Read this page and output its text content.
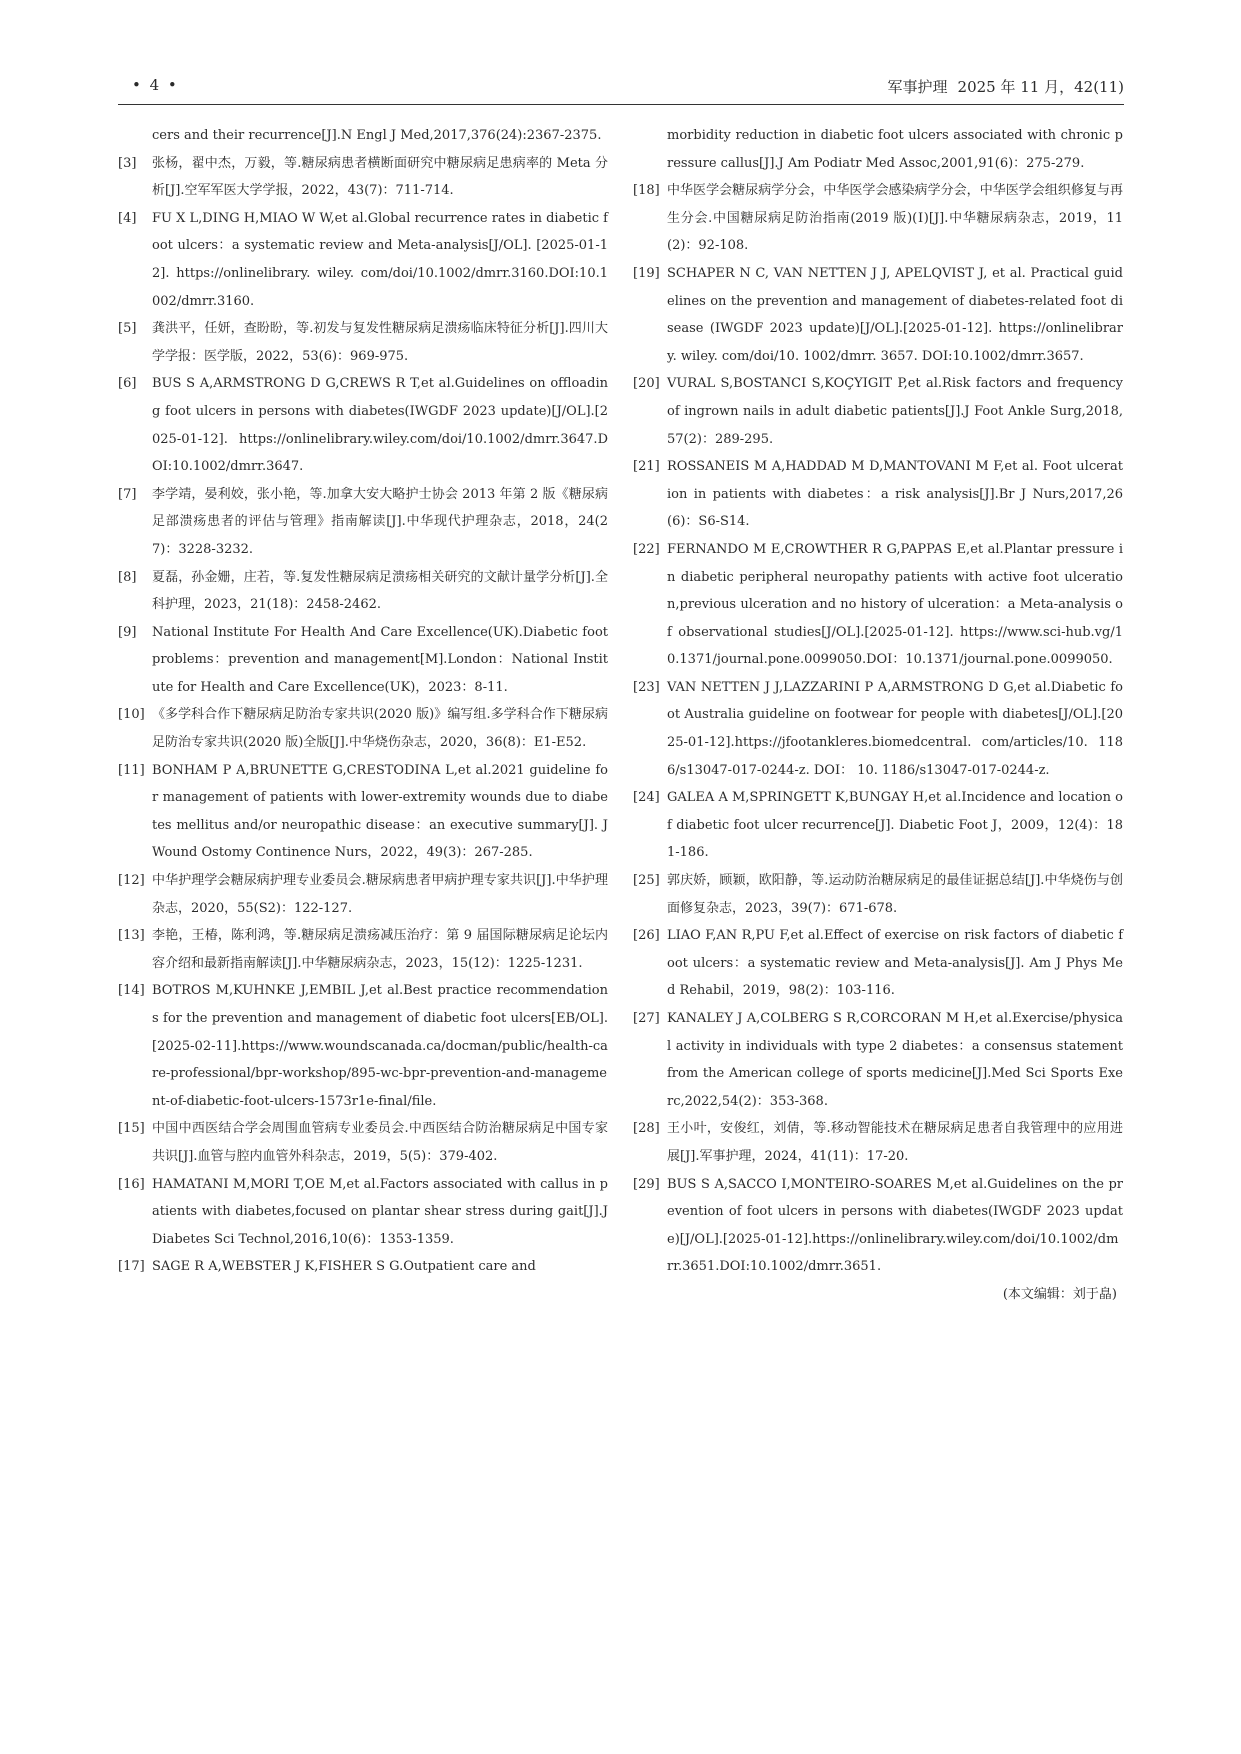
• 4 •	军事护理 2025 年 11 月，42(11)
cers and their recurrence[J].N Engl J Med,2017,376(24):2367-2375.
[3] 张杨，翟中杰，万毅，等.糖尿病患者横断面研究中糖尿病足患病率的 Meta 分析[J].空军军医大学学报，2022，43(7)：711-714.
[4] FU X L,DING H,MIAO W W,et al.Global recurrence rates in diabetic foot ulcers：a systematic review and Meta-analysis[J/OL]. [2025-01-12]. https://onlinelibrary. wiley. com/doi/10.1002/dmrr.3160.DOI:10.1002/dmrr.3160.
[5] 龚洪平，任妍，查盼盼，等.初发与复发性糖尿病足溃疡临床特征分析[J].四川大学学报：医学版，2022，53(6)：969-975.
[6] BUS S A,ARMSTRONG D G,CREWS R T,et al.Guidelines on offloading foot ulcers in persons with diabetes(IWGDF 2023 update)[J/OL].[2025-01-12]. https://onlinelibrary.wiley.com/doi/10.1002/dmrr.3647.DOI:10.1002/dmrr.3647.
[7] 李学靖，晏利姣，张小艳，等.加拿大安大略护士协会 2013 年第 2 版《糖尿病足部溃疡患者的评估与管理》指南解读[J].中华现代护理杂志，2018，24(27)：3228-3232.
[8] 夏磊，孙金姗，庄若，等.复发性糖尿病足溃疡相关研究的文献计量学分析[J].全科护理，2023，21(18)：2458-2462.
[9] National Institute For Health And Care Excellence(UK).Diabetic foot problems：prevention and management[M].London：National Institute for Health and Care Excellence(UK)，2023：8-11.
[10] 《多学科合作下糖尿病足防治专家共识(2020 版)》编写组.多学科合作下糖尿病足防治专家共识(2020 版)全版[J].中华烧伤杂志，2020，36(8)：E1-E52.
[11] BONHAM P A,BRUNETTE G,CRESTODINA L,et al.2021 guideline for management of patients with lower-extremity wounds due to diabetes mellitus and/or neuropathic disease：an executive summary[J]. J Wound Ostomy Continence Nurs，2022，49(3)：267-285.
[12] 中华护理学会糖尿病护理专业委员会.糖尿病患者甲病护理专家共识[J].中华护理杂志，2020，55(S2)：122-127.
[13] 李艳，王椿，陈利鸿，等.糖尿病足溃疡减压治疗：第 9 届国际糖尿病足论坛内容介绍和最新指南解读[J].中华糖尿病杂志，2023，15(12)：1225-1231.
[14] BOTROS M,KUHNKE J,EMBIL J,et al.Best practice recommendations for the prevention and management of diabetic foot ulcers[EB/OL].[2025-02-11].https://www.woundscanada.ca/docman/public/health-care-professional/bpr-workshop/895-wc-bpr-prevention-and-management-of-diabetic-foot-ulcers-1573r1e-final/file.
[15] 中国中西医结合学会周围血管病专业委员会.中西医结合防治糖尿病足中国专家共识[J].血管与腔内血管外科杂志，2019，5(5)：379-402.
[16] HAMATANI M,MORI T,OE M,et al.Factors associated with callus in patients with diabetes,focused on plantar shear stress during gait[J].J Diabetes Sci Technol,2016,10(6)：1353-1359.
[17] SAGE R A,WEBSTER J K,FISHER S G.Outpatient care and
morbidity reduction in diabetic foot ulcers associated with chronic pressure callus[J].J Am Podiatr Med Assoc,2001,91(6)：275-279.
[18] 中华医学会糖尿病学分会，中华医学会感染病学分会，中华医学会组织修复与再生分会.中国糖尿病足防治指南(2019 版)(Ⅰ)[J].中华糖尿病杂志，2019，11(2)：92-108.
[19] SCHAPER N C, VAN NETTEN J J, APELQVIST J, et al. Practical guidelines on the prevention and management of diabetes-related foot disease (IWGDF 2023 update)[J/OL].[2025-01-12]. https://onlinelibrary. wiley. com/doi/10. 1002/dmrr. 3657. DOI:10.1002/dmrr.3657.
[20] VURAL S,BOSTANCI S,KOÇYIGIT P,et al.Risk factors and frequency of ingrown nails in adult diabetic patients[J].J Foot Ankle Surg,2018,57(2)：289-295.
[21] ROSSANEIS M A,HADDAD M D,MANTOVANI M F,et al. Foot ulceration in patients with diabetes：a risk analysis[J].Br J Nurs,2017,26(6)：S6-S14.
[22] FERNANDO M E,CROWTHER R G,PAPPAS E,et al.Plantar pressure in diabetic peripheral neuropathy patients with active foot ulceration,previous ulceration and no history of ulceration：a Meta-analysis of observational studies[J/OL].[2025-01-12]. https://www.sci-hub.vg/10.1371/journal.pone.0099050.DOI：10.1371/journal.pone.0099050.
[23] VAN NETTEN J J,LAZZARINI P A,ARMSTRONG D G,et al.Diabetic foot Australia guideline on footwear for people with diabetes[J/OL].[2025-01-12].https://jfootankleres.biomedcentral. com/articles/10. 1186/s13047-017-0244-z. DOI： 10. 1186/s13047-017-0244-z.
[24] GALEA A M,SPRINGETT K,BUNGAY H,et al.Incidence and location of diabetic foot ulcer recurrence[J]. Diabetic Foot J，2009，12(4)：181-186.
[25] 郭庆娇，顾颖，欧阳静，等.运动防治糖尿病足的最佳证据总结[J].中华烧伤与创面修复杂志，2023，39(7)：671-678.
[26] LIAO F,AN R,PU F,et al.Effect of exercise on risk factors of diabetic foot ulcers：a systematic review and Meta-analysis[J]. Am J Phys Med Rehabil，2019，98(2)：103-116.
[27] KANALEY J A,COLBERG S R,CORCORAN M H,et al.Exercise/physical activity in individuals with type 2 diabetes：a consensus statement from the American college of sports medicine[J].Med Sci Sports Exerc,2022,54(2)：353-368.
[28] 王小叶，安俊红，刘倩，等.移动智能技术在糖尿病足患者自我管理中的应用进展[J].军事护理，2024，41(11)：17-20.
[29] BUS S A,SACCO I,MONTEIRO-SOARES M,et al.Guidelines on the prevention of foot ulcers in persons with diabetes(IWGDF 2023 update)[J/OL].[2025-01-12].https://onlinelibrary.wiley.com/doi/10.1002/dmrr.3651.DOI:10.1002/dmrr.3651.
(本文编辑：刘于皛)
